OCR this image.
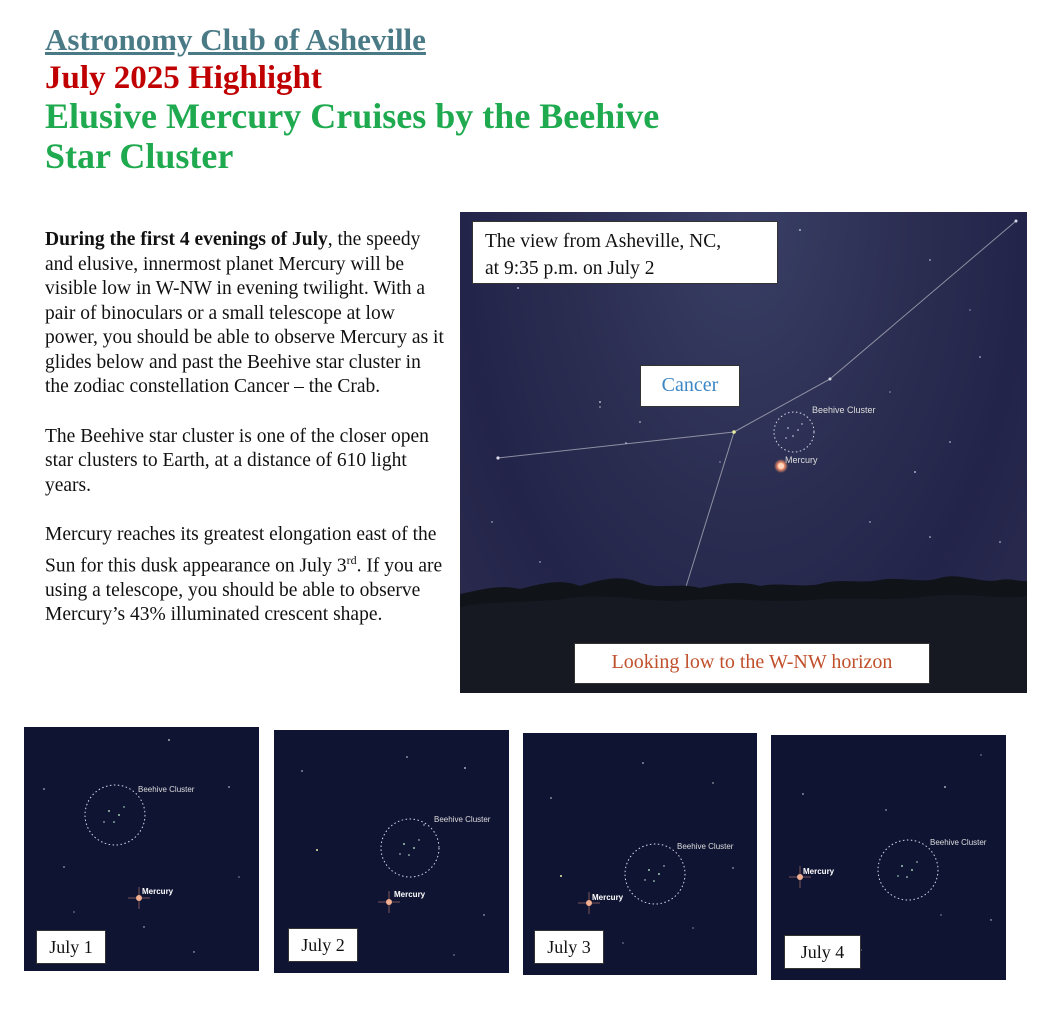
Astronomy Club of Asheville
July 2025 Highlight
Elusive Mercury Cruises by the Beehive Star Cluster

During the first 4 evenings of July, the speedy and elusive, innermost planet Mercury will be visible low in W-NW in evening twilight. With a pair of binoculars or a small telescope at low power, you should be able to observe Mercury as it glides below and past the Beehive star cluster in the zodiac constellation Cancer – the Crab.

The Beehive star cluster is one of the closer open star clusters to Earth, at a distance of 610 light years.

Mercury reaches its greatest elongation east of the Sun for this dusk appearance on July 3rd. If you are using a telescope, you should be able to observe Mercury’s 43% illuminated crescent shape.

Beehive Cluster
Mercury
The view from Asheville, NC,
at 9:35 p.m. on July 2
Cancer
Looking low to the W-NW horizon
Beehive Cluster
Mercury
July 1
Beehive Cluster
Mercury
July 2
Beehive Cluster
Mercury
July 3
Beehive Cluster
Mercury
July 4
